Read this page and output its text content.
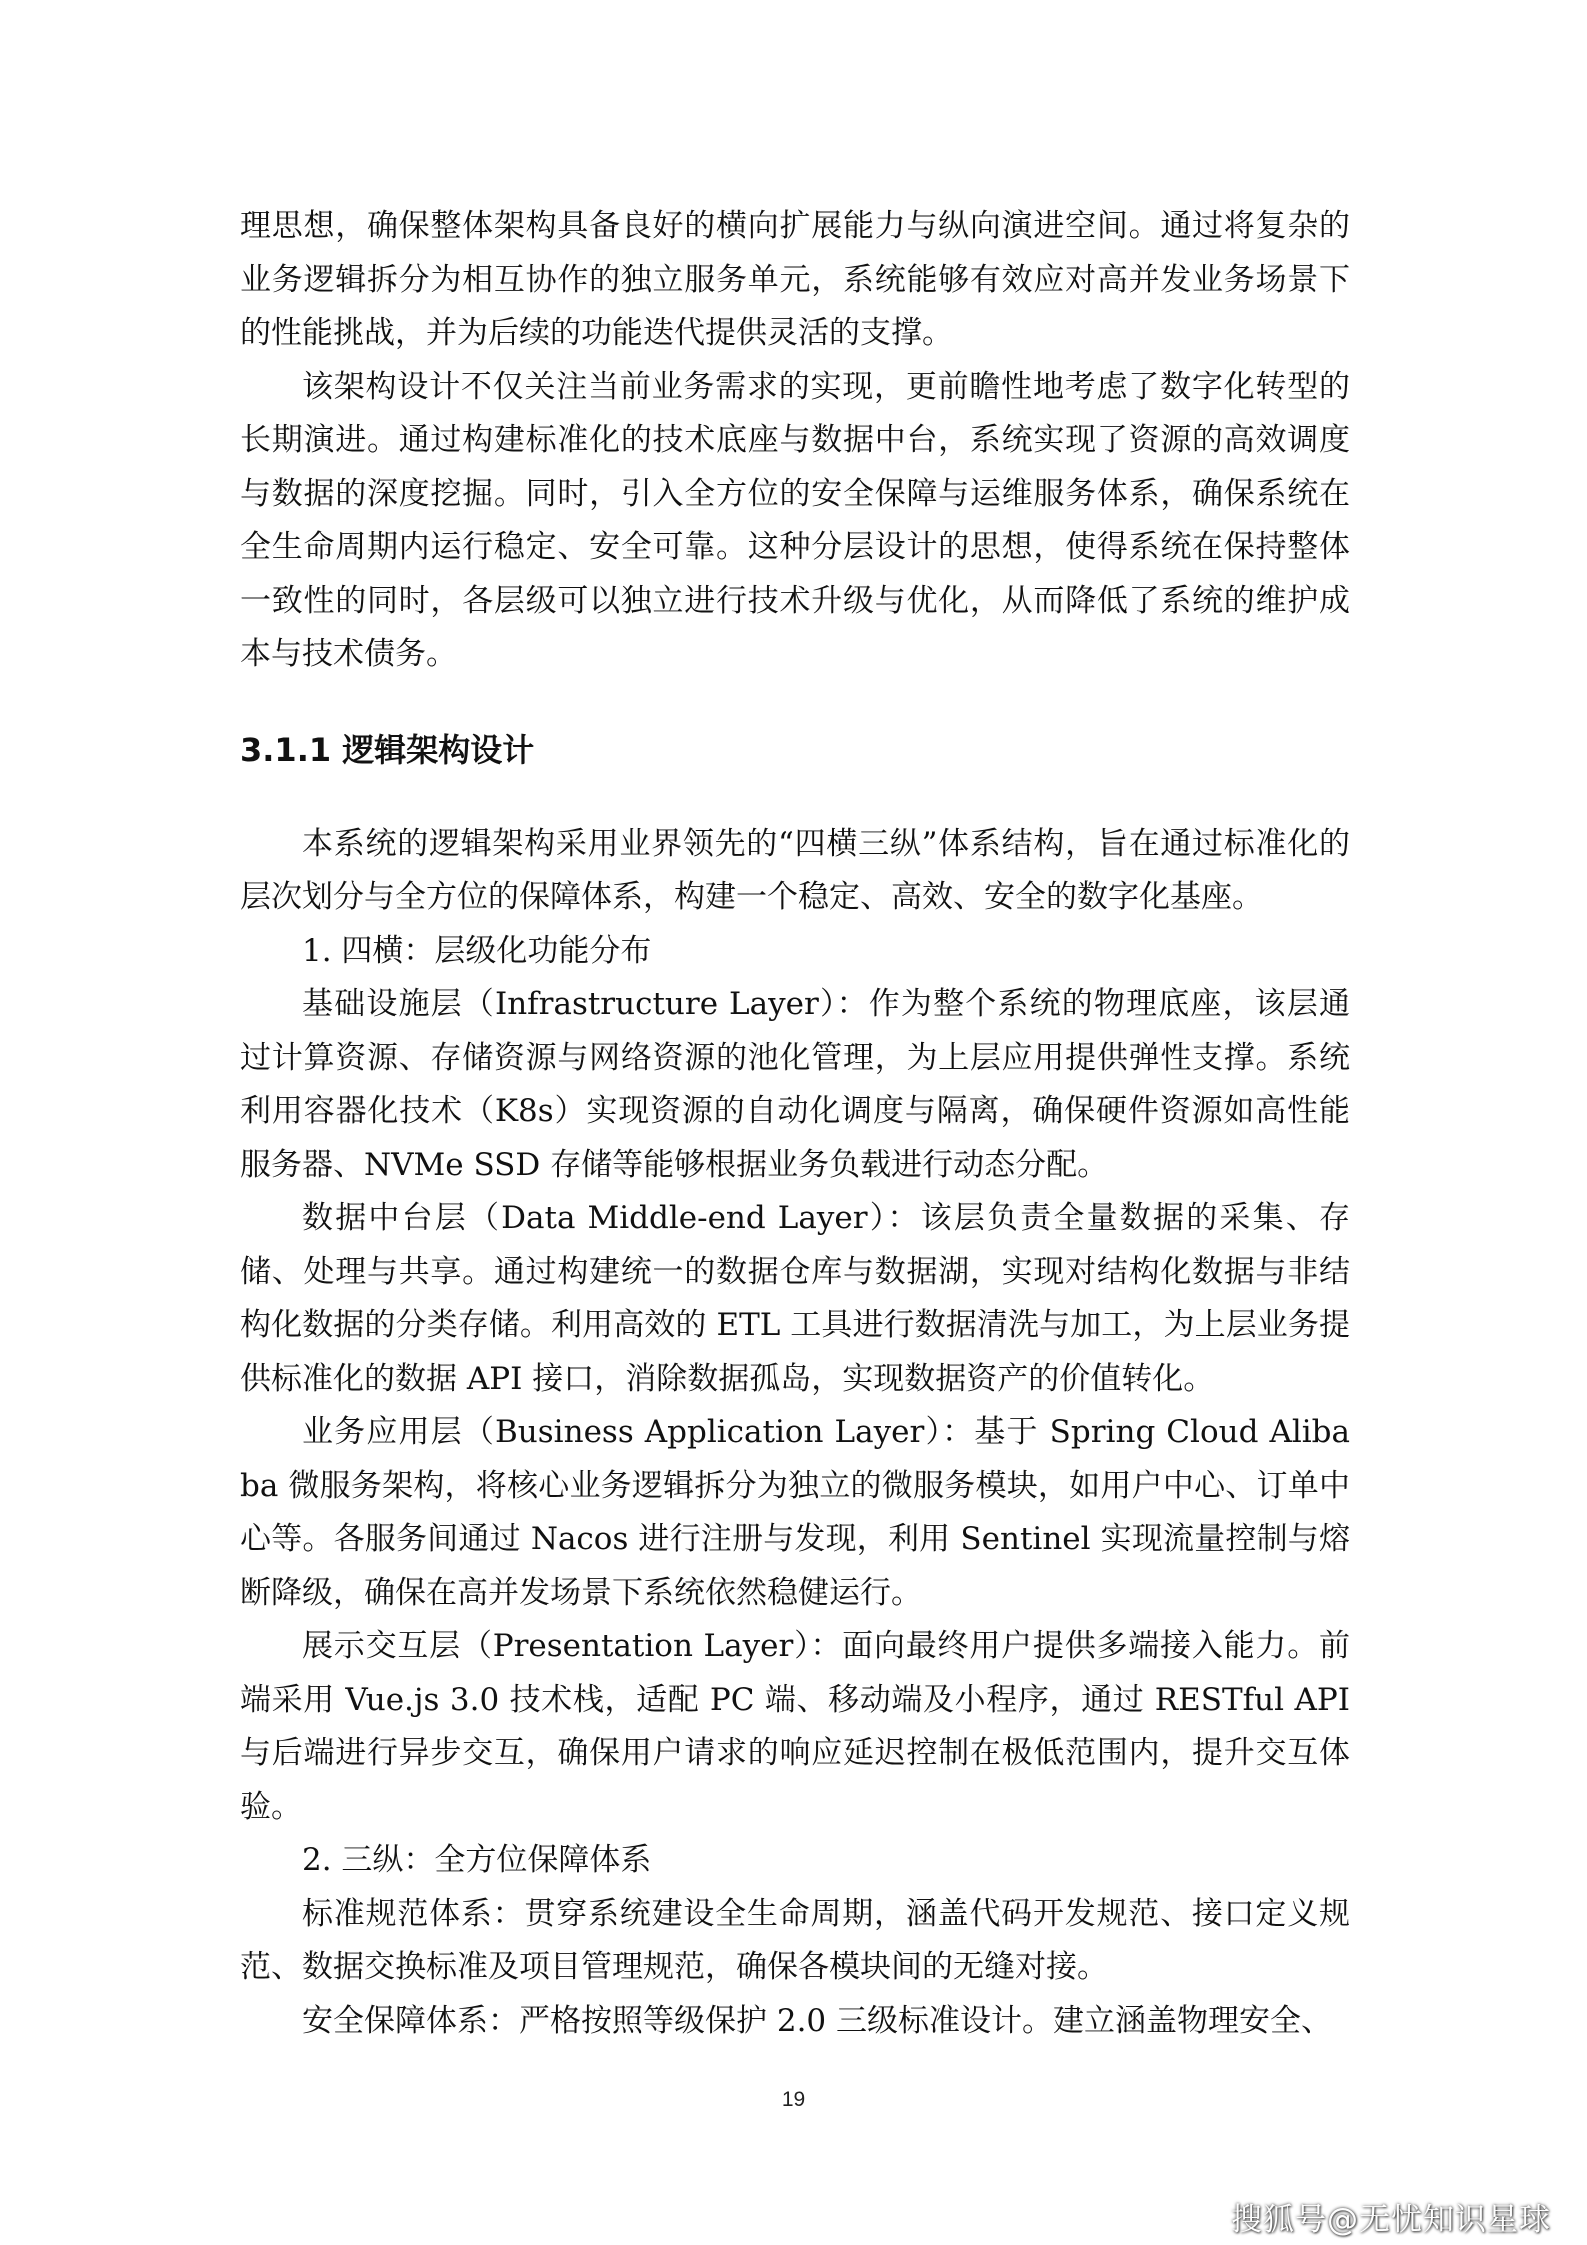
理思想，确保整体架构具备良好的横向扩展能力与纵向演进空间。通过将复杂的业务逻辑拆分为相互协作的独立服务单元，系统能够有效应对高并发业务场景下的性能挑战，并为后续的功能迭代提供灵活的支撑。

该架构设计不仅关注当前业务需求的实现，更前瞻性地考虑了数字化转型的长期演进。通过构建标准化的技术底座与数据中台，系统实现了资源的高效调度与数据的深度挖掘。同时，引入全方位的安全保障与运维服务体系，确保系统在全生命周期内运行稳定、安全可靠。这种分层设计的思想，使得系统在保持整体一致性的同时，各层级可以独立进行技术升级与优化，从而降低了系统的维护成本与技术债务。

3.1.1 逻辑架构设计

本系统的逻辑架构采用业界领先的“四横三纵”体系结构，旨在通过标准化的层次划分与全方位的保障体系，构建一个稳定、高效、安全的数字化基座。

1. 四横：层级化功能分布

基础设施层（Infrastructure Layer）：作为整个系统的物理底座，该层通过计算资源、存储资源与网络资源的池化管理，为上层应用提供弹性支撑。系统利用容器化技术（K8s）实现资源的自动化调度与隔离，确保硬件资源如高性能服务器、NVMe SSD 存储等能够根据业务负载进行动态分配。

数据中台层（Data Middle-end Layer）：该层负责全量数据的采集、存储、处理与共享。通过构建统一的数据仓库与数据湖，实现对结构化数据与非结构化数据的分类存储。利用高效的 ETL 工具进行数据清洗与加工，为上层业务提供标准化的数据 API 接口，消除数据孤岛，实现数据资产的价值转化。

业务应用层（Business Application Layer）：基于 Spring Cloud Alibaba 微服务架构，将核心业务逻辑拆分为独立的微服务模块，如用户中心、订单中心等。各服务间通过 Nacos 进行注册与发现，利用 Sentinel 实现流量控制与熔断降级，确保在高并发场景下系统依然稳健运行。

展示交互层（Presentation Layer）：面向最终用户提供多端接入能力。前端采用 Vue.js 3.0 技术栈，适配 PC 端、移动端及小程序，通过 RESTful API 与后端进行异步交互，确保用户请求的响应延迟控制在极低范围内，提升交互体验。

2. 三纵：全方位保障体系

标准规范体系：贯穿系统建设全生命周期，涵盖代码开发规范、接口定义规范、数据交换标准及项目管理规范，确保各模块间的无缝对接。

安全保障体系：严格按照等级保护 2.0 三级标准设计。建立涵盖物理安全、

19
搜狐号@无忧知识星球
